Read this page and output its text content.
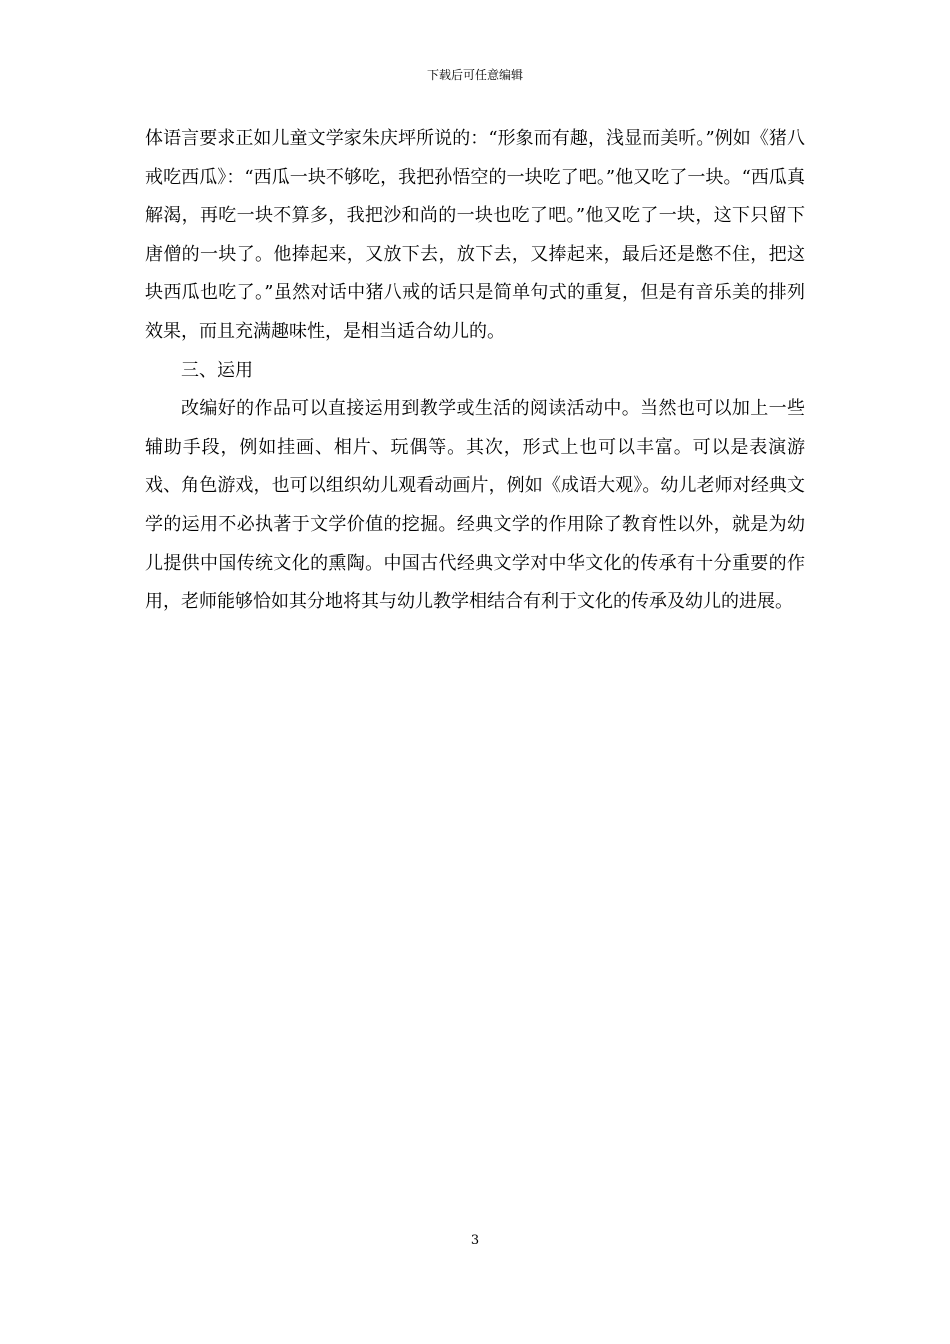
下载后可任意编辑

体语言要求正如儿童文学家朱庆坪所说的：“形象而有趣，浅显而美听。”例如《猪八戒吃西瓜》：“西瓜一块不够吃，我把孙悟空的一块吃了吧。”他又吃了一块。“西瓜真解渴，再吃一块不算多，我把沙和尚的一块也吃了吧。”他又吃了一块，这下只留下唐僧的一块了。他捧起来，又放下去，放下去，又捧起来，最后还是憋不住，把这块西瓜也吃了。”虽然对话中猪八戒的话只是简单句式的重复，但是有音乐美的排列效果，而且充满趣味性，是相当适合幼儿的。

三、运用

改编好的作品可以直接运用到教学或生活的阅读活动中。当然也可以加上一些辅助手段，例如挂画、相片、玩偶等。其次，形式上也可以丰富。可以是表演游戏、角色游戏，也可以组织幼儿观看动画片，例如《成语大观》。幼儿老师对经典文学的运用不必执著于文学价值的挖掘。经典文学的作用除了教育性以外，就是为幼儿提供中国传统文化的熏陶。中国古代经典文学对中华文化的传承有十分重要的作用，老师能够恰如其分地将其与幼儿教学相结合有利于文化的传承及幼儿的进展。

3
